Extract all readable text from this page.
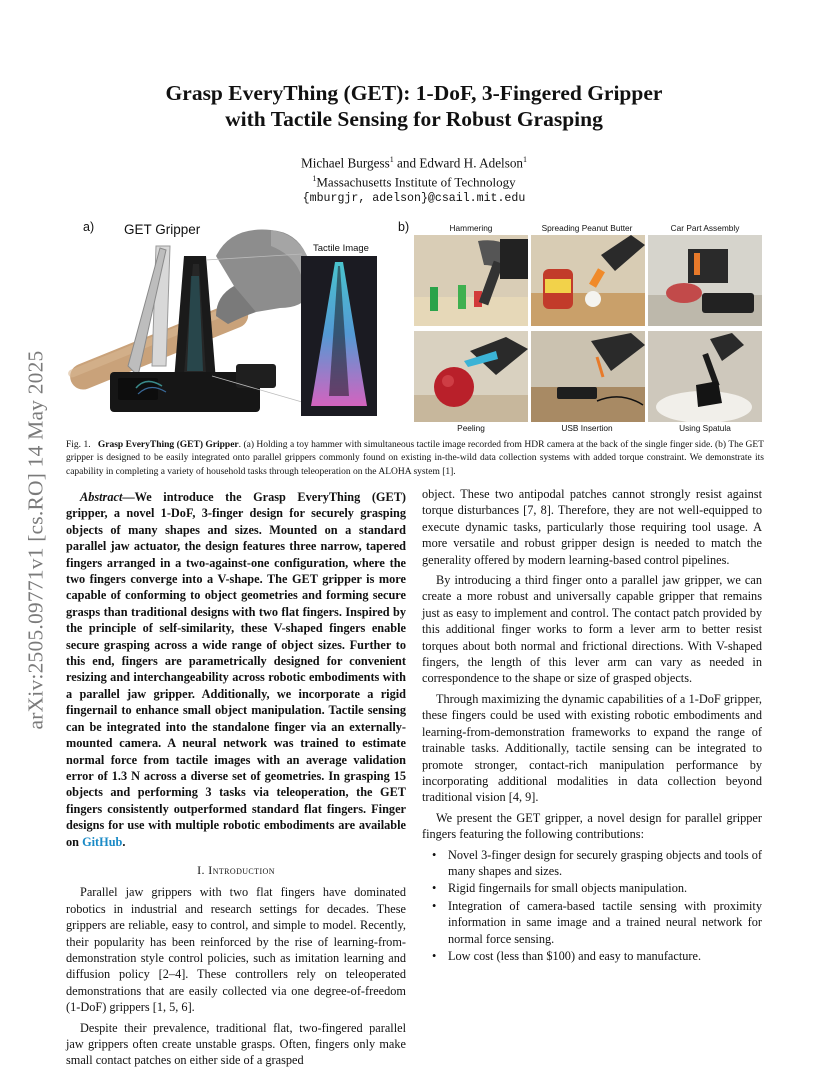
arXiv:2505.09771v1 [cs.RO] 14 May 2025
Grasp EveryThing (GET): 1-DoF, 3-Fingered Gripper
with Tactile Sensing for Robust Grasping
Michael Burgess$^1$ and Edward H. Adelson$^1$
$^1$Massachusetts Institute of Technology
{mburgjr, adelson}@csail.mit.edu
a) GET Gripper
Tactile Image
b)	Hammering	Spreading Peanut Butter	Car Part Assembly
Peeling	USB Insertion	Using Spatula
Fig. 1. Grasp EveryThing (GET) Gripper. (a) Holding a toy hammer with simultaneous tactile image recorded from HDR camera at the back of the single finger side. (b) The GET gripper is designed to be easily integrated onto parallel grippers commonly found on existing in-the-wild data collection systems with added torque constraint. We demonstrate its capability in completing a variety of household tasks through teleoperation on the ALOHA system [1].

Abstract—We introduce the Grasp EveryThing (GET) gripper, a novel 1-DoF, 3-finger design for securely grasping objects of many shapes and sizes. Mounted on a standard parallel jaw actuator, the design features three narrow, tapered fingers arranged in a two-against-one configuration, where the two fingers converge into a V-shape. The GET gripper is more capable of conforming to object geometries and forming secure grasps than traditional designs with two flat fingers. Inspired by the principle of self-similarity, these V-shaped fingers enable secure grasping across a wide range of object sizes. Further to this end, fingers are parametrically designed for convenient resizing and interchangeability across robotic embodiments with a parallel jaw gripper. Additionally, we incorporate a rigid fingernail to enhance small object manipulation. Tactile sensing can be integrated into the standalone finger via an externally-mounted camera. A neural network was trained to estimate normal force from tactile images with an average validation error of 1.3 N across a diverse set of geometries. In grasping 15 objects and performing 3 tasks via teleoperation, the GET fingers consistently outperformed standard flat fingers. Finger designs for use with multiple robotic embodiments are available on GitHub.

I. Introduction

Parallel jaw grippers with two flat fingers have dominated robotics in industrial and research settings for decades. These grippers are reliable, easy to control, and simple to model. Recently, their popularity has been reinforced by the rise of learning-from-demonstration style control policies, such as imitation learning and diffusion policy [2–4]. These controllers rely on teleoperated demonstrations that are easily collected via one degree-of-freedom (1-DoF) grippers [1, 5, 6].

Despite their prevalence, traditional flat, two-fingered parallel jaw grippers often create unstable grasps. Often, fingers only make small contact patches on either side of a grasped

object. These two antipodal patches cannot strongly resist against torque disturbances [7, 8]. Therefore, they are not well-equipped to execute dynamic tasks, particularly those requiring tool usage. A more versatile and robust gripper design is needed to match the generality offered by modern learning-based control pipelines.

By introducing a third finger onto a parallel jaw gripper, we can create a more robust and universally capable gripper that remains just as easy to implement and control. The contact patch provided by this additional finger works to form a lever arm to better resist torques about both normal and frictional directions. With V-shaped fingers, the length of this lever arm can vary as needed in correspondence to the shape or size of grasped objects.

Through maximizing the dynamic capabilities of a 1-DoF gripper, these fingers could be used with existing robotic embodiments and learning-from-demonstration frameworks to expand the range of trainable tasks. Additionally, tactile sensing can be integrated to promote stronger, contact-rich manipulation performance by incorporating additional modalities in data collection beyond traditional vision [4, 9].

We present the GET gripper, a novel design for parallel gripper fingers featuring the following contributions:

• Novel 3-finger design for securely grasping objects and tools of many shapes and sizes.
• Rigid fingernails for small objects manipulation.
• Integration of camera-based tactile sensing with proximity information in same image and a trained neural network for normal force sensing.
• Low cost (less than $100) and easy to manufacture.
